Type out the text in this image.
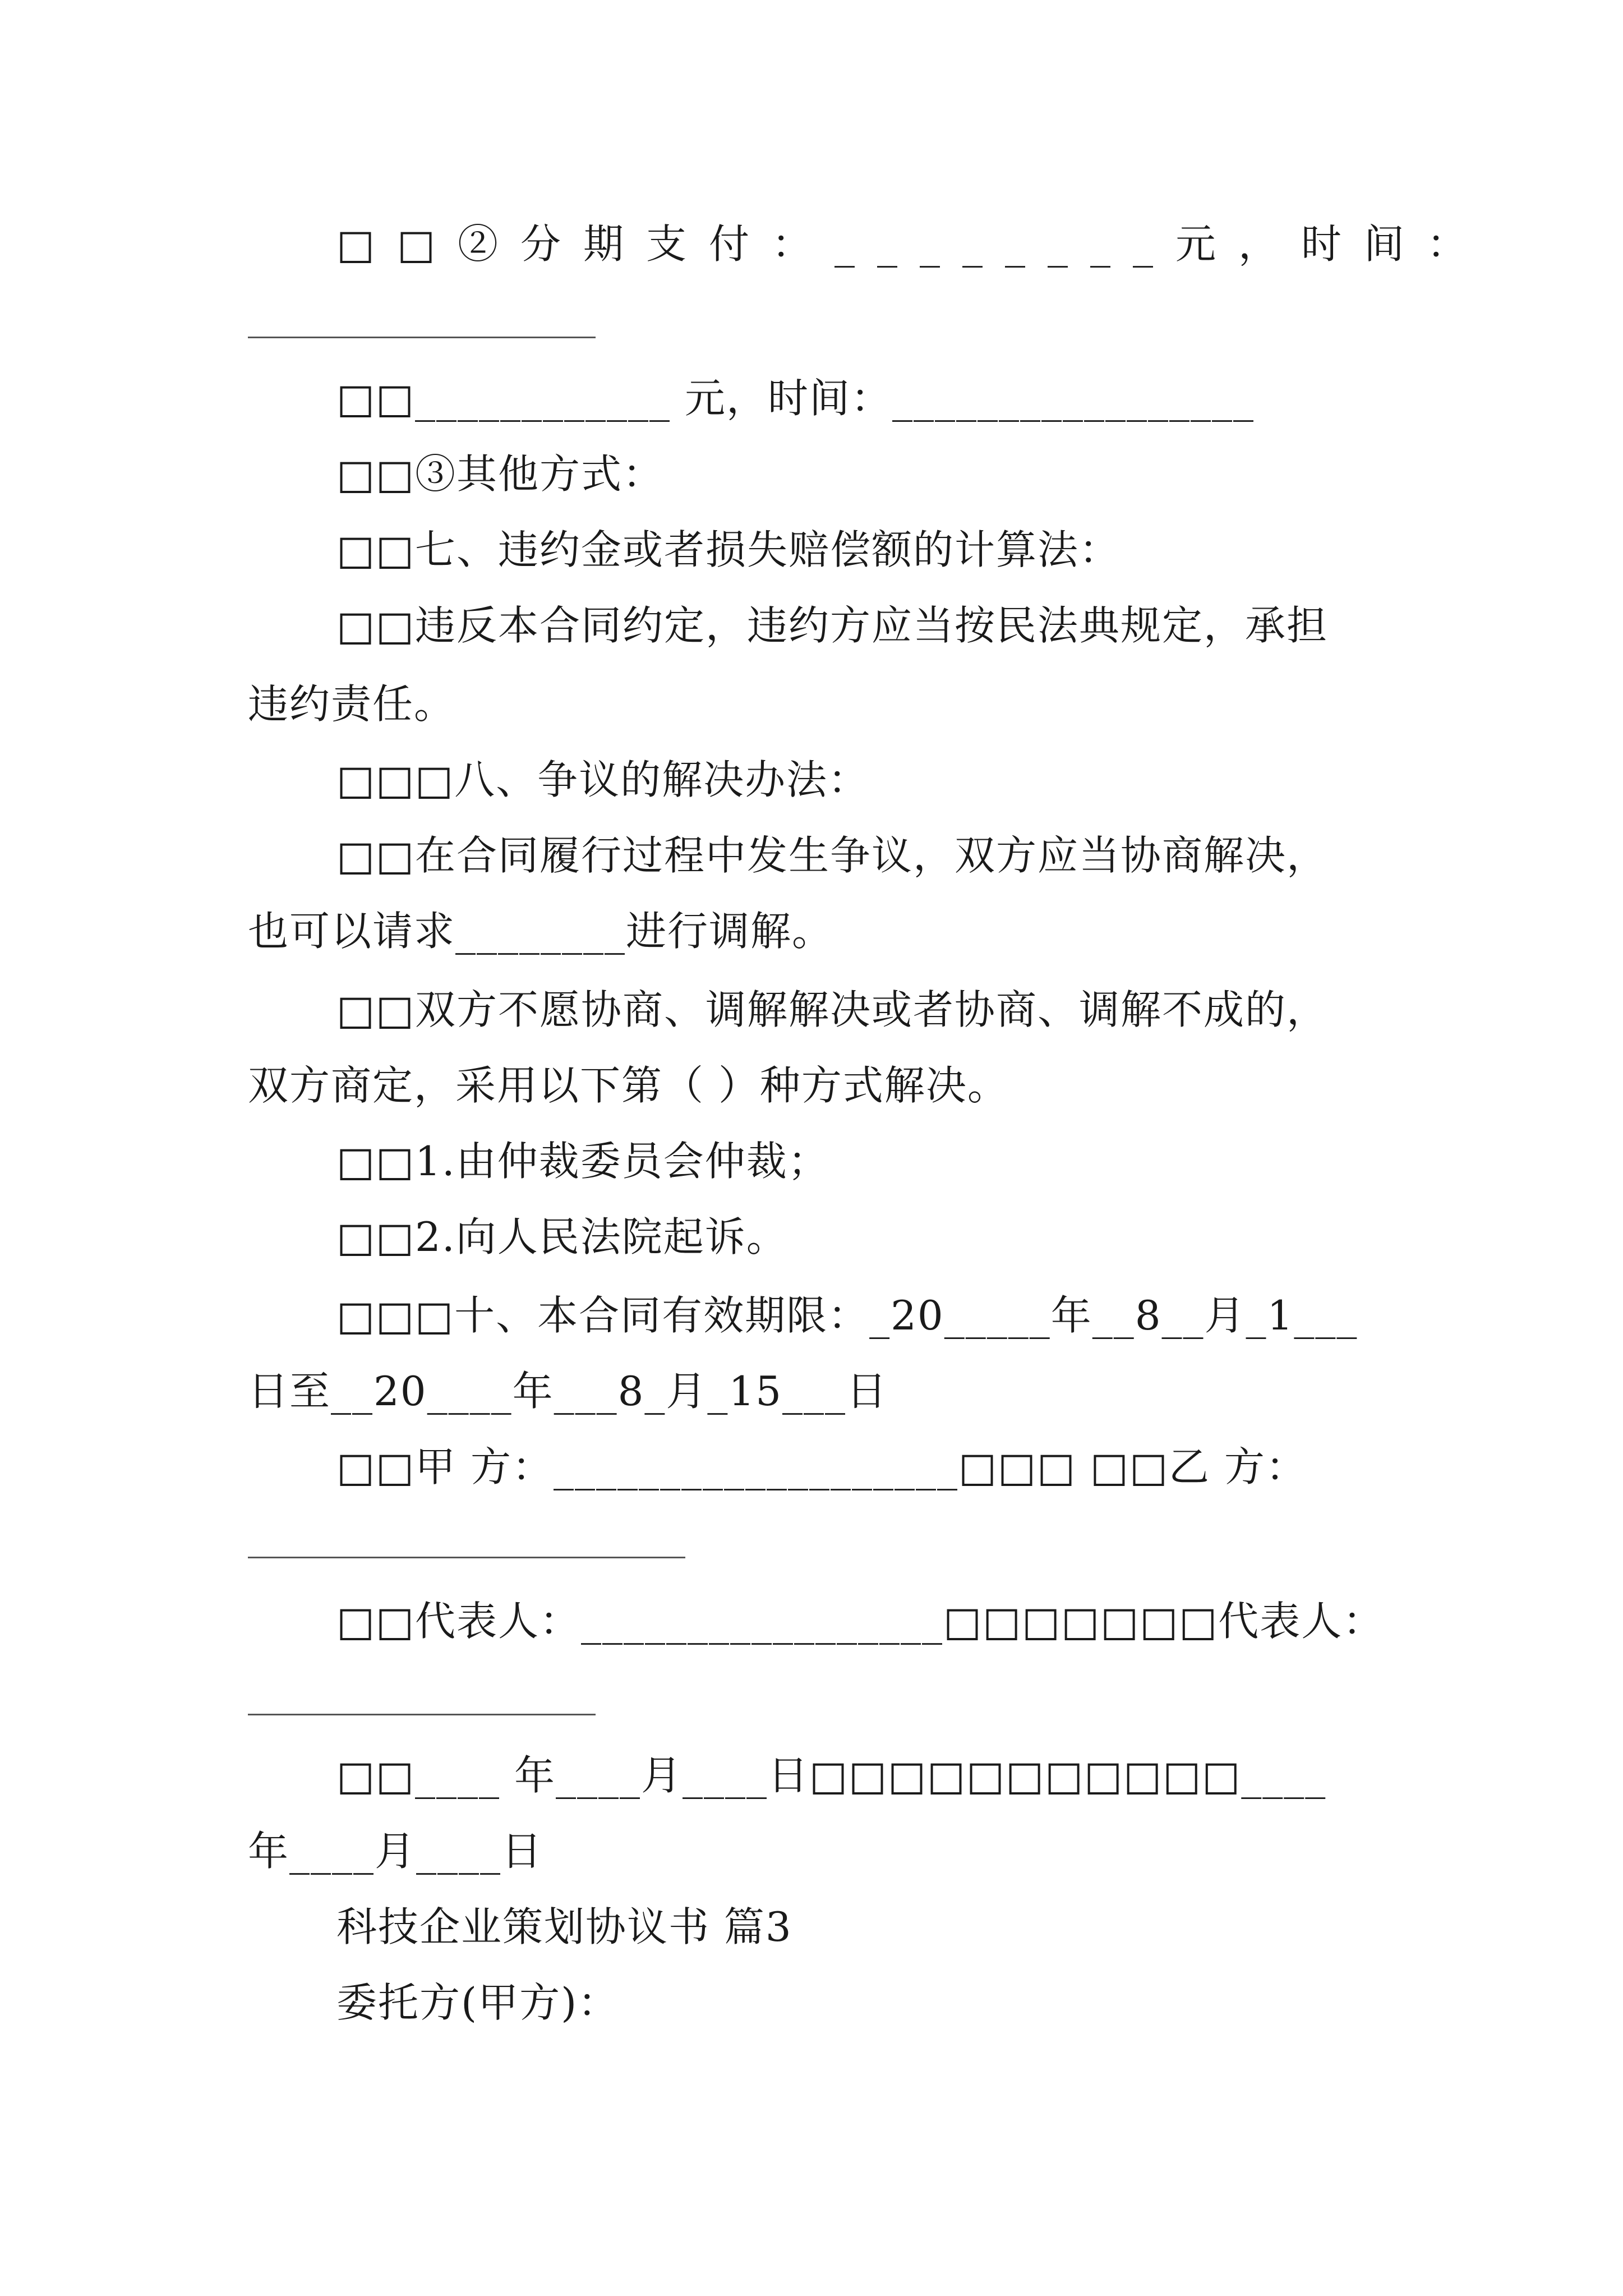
□□②分期支付：________元，时间：
□□____________ 元，时间：_________________
□□③其他方式：
□□七、违约金或者损失赔偿额的计算法：
□□违反本合同约定，违约方应当按民法典规定，承担
违约责任。
□□□八、争议的解决办法：
□□在合同履行过程中发生争议，双方应当协商解决，
也可以请求________进行调解。
□□双方不愿协商、调解解决或者协商、调解不成的，
双方商定，采用以下第（ ）种方式解决。
□□1.由仲裁委员会仲裁；
□□2.向人民法院起诉。
□□□十、本合同有效期限：_20_____年__8__月_1___
日至__20____年___8_月_15___日
□□甲 方：___________________□□□ □□乙 方：
□□代表人：_________________□□□□□□□代表人：
□□____ 年____月____日□□□□□□□□□□□____
年____月____日
科技企业策划协议书 篇3
委托方(甲方)：
